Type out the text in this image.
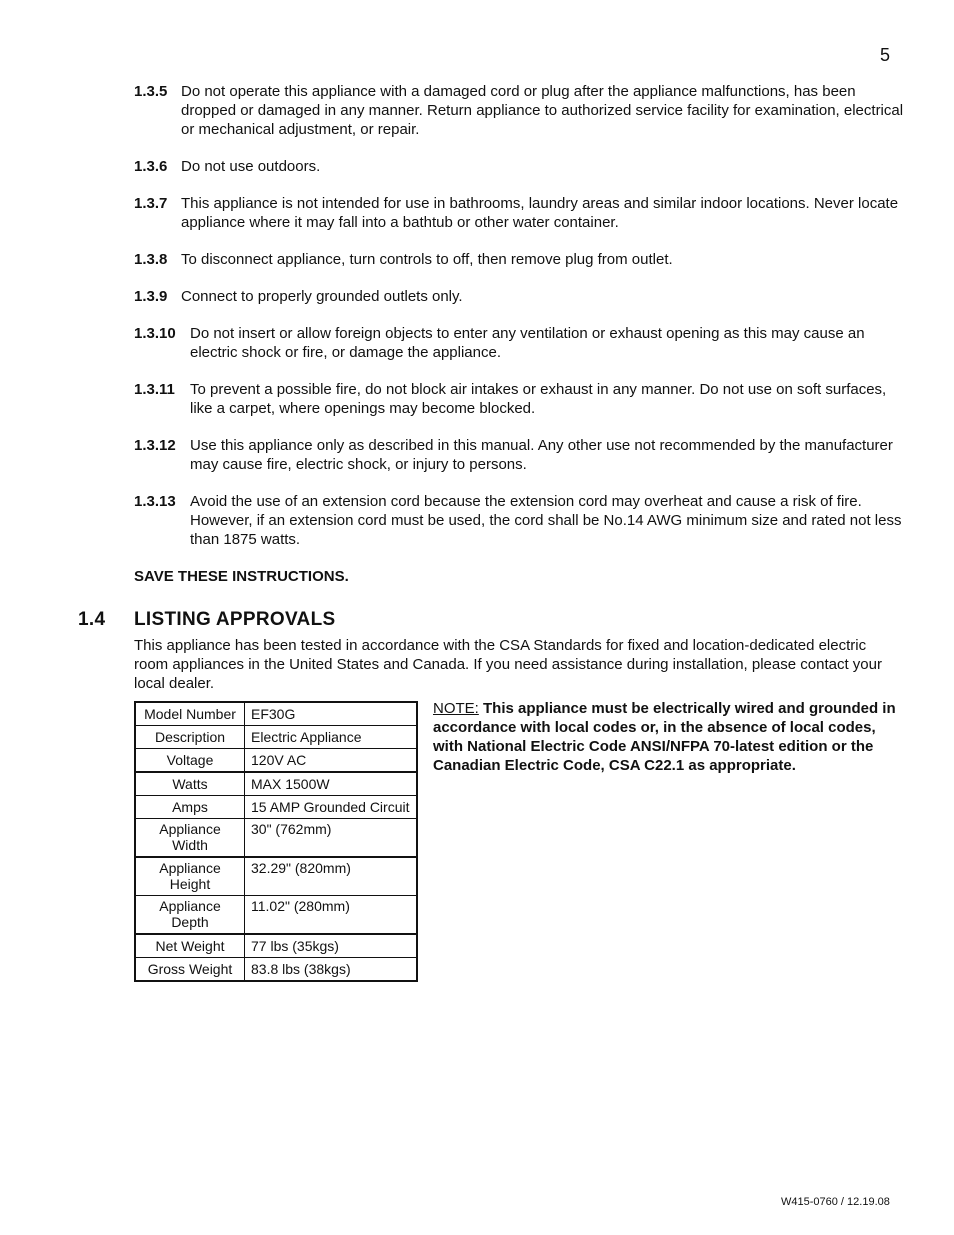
5
1.3.5 Do not operate this appliance with a damaged cord or plug after the appliance malfunctions, has been dropped or damaged in any manner. Return appliance to authorized service facility for examination, electrical or mechanical adjustment, or repair.
1.3.6 Do not use outdoors.
1.3.7 This appliance is not intended for use in bathrooms, laundry areas and similar indoor locations. Never locate appliance where it may fall into a bathtub or other water container.
1.3.8 To disconnect appliance, turn controls to off, then remove plug from outlet.
1.3.9 Connect to properly grounded outlets only.
1.3.10 Do not insert or allow foreign objects to enter any ventilation or exhaust opening as this may cause an electric shock or fire, or damage the appliance.
1.3.11	To prevent a possible fire, do not block air intakes or exhaust in any manner. Do not use on soft surfaces, like a carpet, where openings may become blocked.
1.3.12 Use this appliance only as described in this manual. Any other use not recommended by the manufacturer may cause fire, electric shock, or injury to persons.
1.3.13 Avoid the use of an extension cord because the extension cord may overheat and cause a risk of fire. However, if an extension cord must be used, the cord shall be No.14 AWG minimum size and rated not less than 1875 watts.
SAVE THESE INSTRUCTIONS.
1.4 LISTING APPROVALS
This appliance has been tested in accordance with the CSA Standards for fixed and location-dedicated electric room appliances in the United States and Canada. If you need assistance during installation, please contact your local dealer.
Model Number	EF30G
Description	Electric Appliance
Voltage	120V AC
Watts	MAX 1500W
Amps	15 AMP Grounded Circuit
Appliance Width	30" (762mm)
Appliance Height	32.29" (820mm)
Appliance Depth	11.02" (280mm)
Net Weight	77 lbs (35kgs)
Gross Weight	83.8 lbs (38kgs)
NOTE: This appliance must be electrically wired and grounded in accordance with local codes or, in the absence of local codes, with National Electric Code ANSI/NFPA 70-latest edition or the Canadian Electric Code, CSA C22.1 as appropriate.
W415-0760 / 12.19.08
